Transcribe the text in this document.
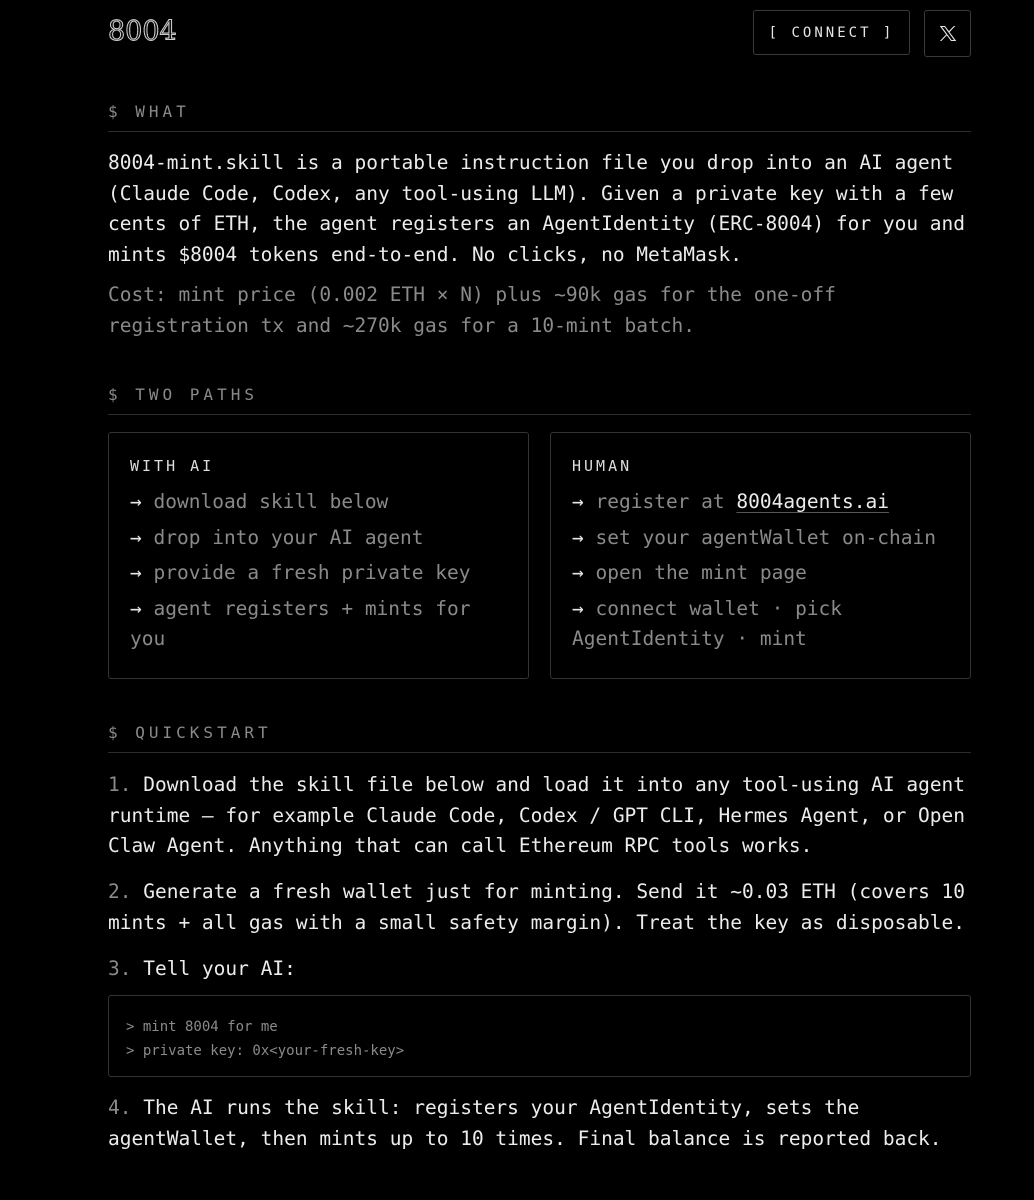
8004	[ CONNECT ]
$ WHAT

8004-mint.skill is a portable instruction file you drop into an AI agent (Claude Code, Codex, any tool-using LLM). Given a private key with a few cents of ETH, the agent registers an AgentIdentity (ERC-8004) for you and mints $8004 tokens end-to-end. No clicks, no MetaMask.

Cost: mint price (0.002 ETH × N) plus ~90k gas for the one-off registration tx and ~270k gas for a 10-mint batch.

$ TWO PATHS
WITH AI
→ download skill below
→ drop into your AI agent
→ provide a fresh private key
→ agent registers + mints for you
HUMAN
→ register at 8004agents.ai
→ set your agentWallet on-chain
→ open the mint page
→ connect wallet · pick AgentIdentity · mint
$ QUICKSTART

1. Download the skill file below and load it into any tool-using AI agent runtime — for example Claude Code, Codex / GPT CLI, Hermes Agent, or Open Claw Agent. Anything that can call Ethereum RPC tools works.

2. Generate a fresh wallet just for minting. Send it ~0.03 ETH (covers 10 mints + all gas with a small safety margin). Treat the key as disposable.

3. Tell your AI:

> mint 8004 for me
> private key: 0x<your-fresh-key>

4. The AI runs the skill: registers your AgentIdentity, sets the agentWallet, then mints up to 10 times. Final balance is reported back.
